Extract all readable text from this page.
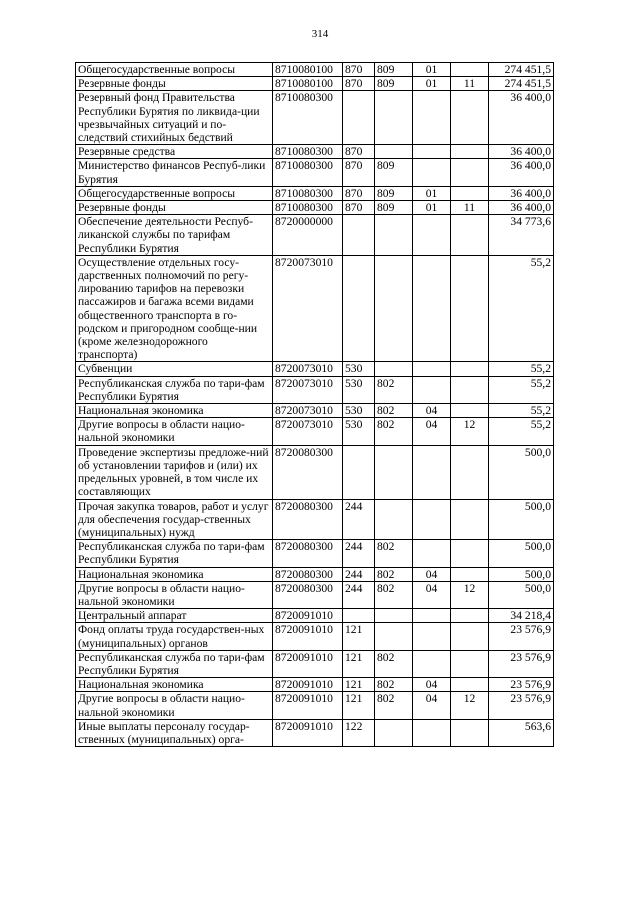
314
Общегосударственные вопросы	8710080100	870	809	01		274 451,5
Резервные фонды	8710080100	870	809	01	11	274 451,5
Резервный фонд Правительства Республики Бурятия по ликвида-ции чрезвычайных ситуаций и по-следствий стихийных бедствий	8710080300					36 400,0
Резервные средства	8710080300	870				36 400,0
Министерство финансов Респуб-лики Бурятия	8710080300	870	809			36 400,0
Общегосударственные вопросы	8710080300	870	809	01		36 400,0
Резервные фонды	8710080300	870	809	01	11	36 400,0
Обеспечение деятельности Респуб-ликанской службы по тарифам Республики Бурятия	8720000000					34 773,6
Осуществление отдельных госу-дарственных полномочий по регу-лированию тарифов на перевозки пассажиров и багажа всеми видами общественного транспорта в го-родском и пригородном сообще-нии (кроме железнодорожного транспорта)	8720073010					55,2
Субвенции	8720073010	530				55,2
Республиканская служба по тари-фам Республики Бурятия	8720073010	530	802			55,2
Национальная экономика	8720073010	530	802	04		55,2
Другие вопросы в области нацио-нальной экономики	8720073010	530	802	04	12	55,2
Проведение экспертизы предложе-ний об установлении тарифов и (или) их предельных уровней, в том числе их составляющих	8720080300					500,0
Прочая закупка товаров, работ и услуг для обеспечения государ-ственных (муниципальных) нужд	8720080300	244				500,0
Республиканская служба по тари-фам Республики Бурятия	8720080300	244	802			500,0
Национальная экономика	8720080300	244	802	04		500,0
Другие вопросы в области нацио-нальной экономики	8720080300	244	802	04	12	500,0
Центральный аппарат	8720091010					34 218,4
Фонд оплаты труда государствен-ных (муниципальных) органов	8720091010	121				23 576,9
Республиканская служба по тари-фам Республики Бурятия	8720091010	121	802			23 576,9
Национальная экономика	8720091010	121	802	04		23 576,9
Другие вопросы в области нацио-нальной экономики	8720091010	121	802	04	12	23 576,9
Иные выплаты персоналу государ-ственных (муниципальных) орга-	8720091010	122				563,6
